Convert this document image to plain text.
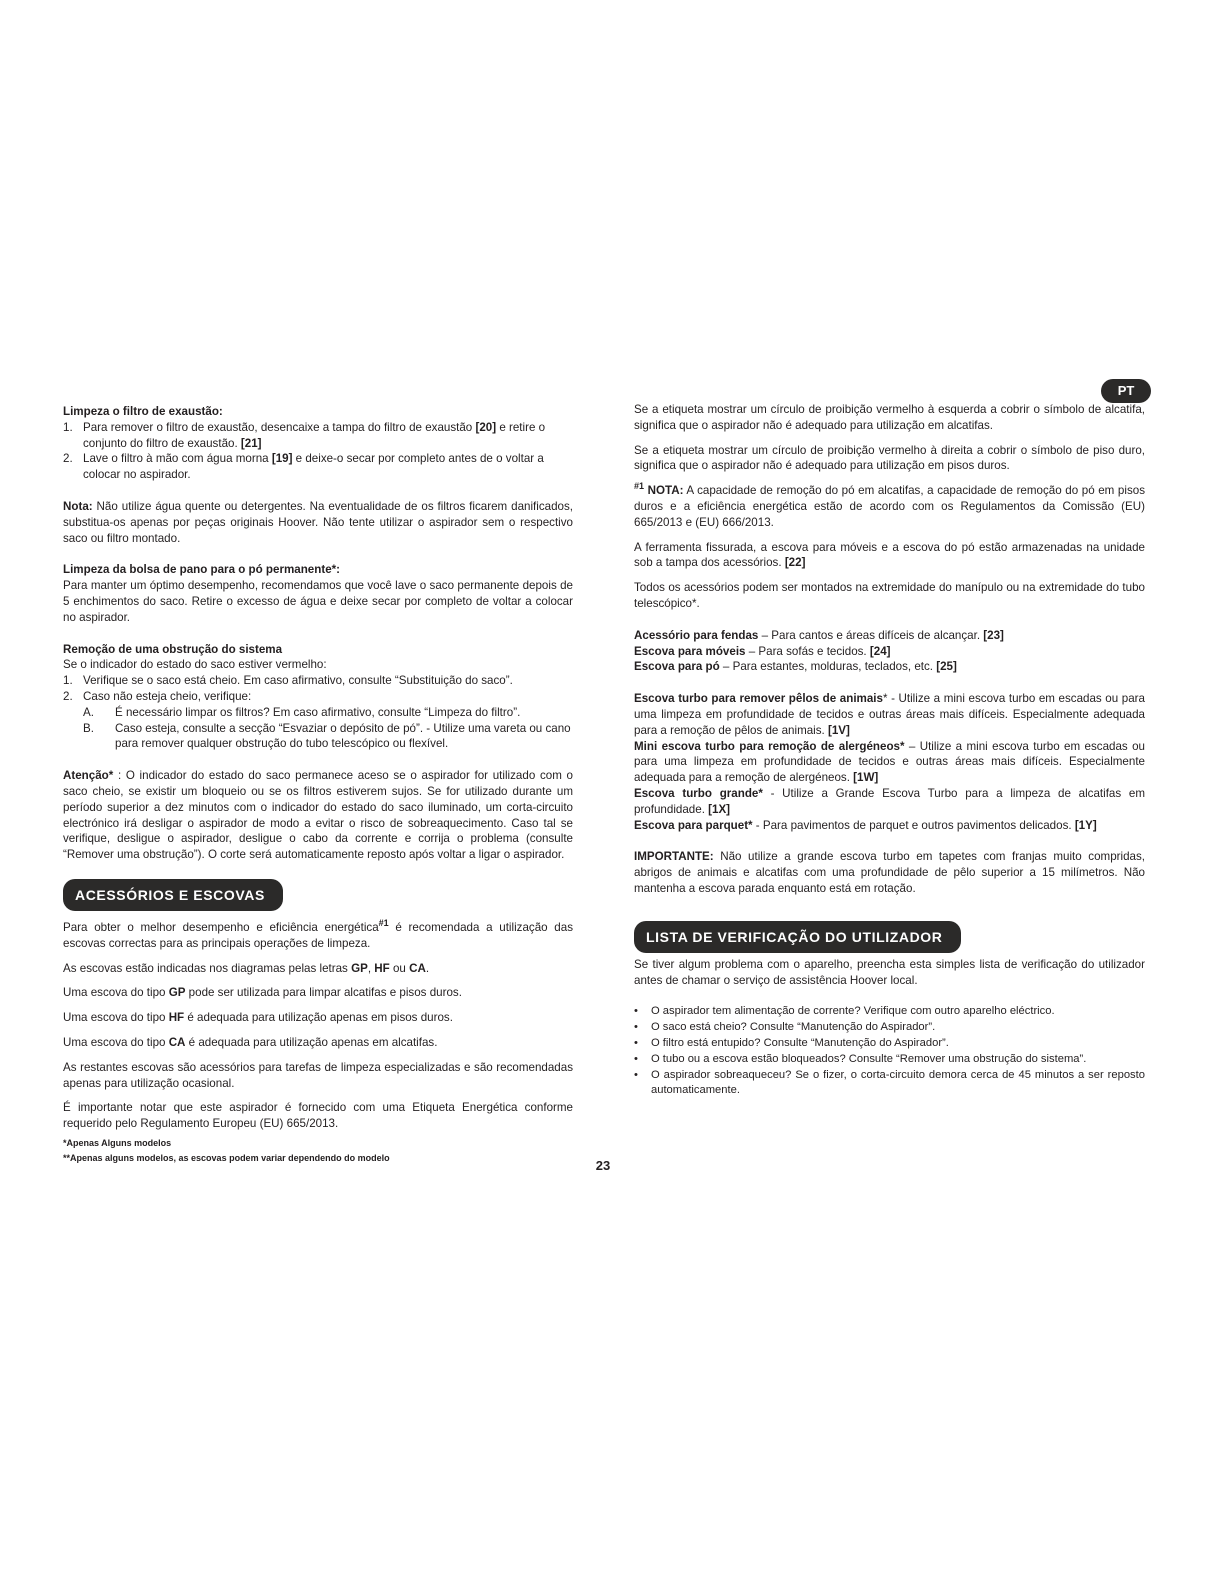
PT

Limpeza o filtro de exaustão:

1. Para remover o filtro de exaustão, desencaixe a tampa do filtro de exaustão [20] e retire o conjunto do filtro de exaustão. [21]
2. Lave o filtro à mão com água morna [19] e deixe-o secar por completo antes de o voltar a colocar no aspirador.

Nota: Não utilize água quente ou detergentes. Na eventualidade de os filtros ficarem danificados, substitua-os apenas por peças originais Hoover. Não tente utilizar o aspirador sem o respectivo saco ou filtro montado.

Limpeza da bolsa de pano para o pó permanente*:

Para manter um óptimo desempenho, recomendamos que você lave o saco permanente depois de 5 enchimentos do saco. Retire o excesso de água e deixe secar por completo de voltar a colocar no aspirador.

Remoção de uma obstrução do sistema

Se o indicador do estado do saco estiver vermelho:

1. Verifique se o saco está cheio. Em caso afirmativo, consulte “Substituição do saco”.
2. Caso não esteja cheio, verifique:
A. É necessário limpar os filtros? Em caso afirmativo, consulte “Limpeza do filtro”.
B. Caso esteja, consulte a secção “Esvaziar o depósito de pó”. - Utilize uma vareta ou cano para remover qualquer obstrução do tubo telescópico ou flexível.

Atenção* : O indicador do estado do saco permanece aceso se o aspirador for utilizado com o saco cheio, se existir um bloqueio ou se os filtros estiverem sujos. Se for utilizado durante um período superior a dez minutos com o indicador do estado do saco iluminado, um corta-circuito electrónico irá desligar o aspirador de modo a evitar o risco de sobreaquecimento. Caso tal se verifique, desligue o aspirador, desligue o cabo da corrente e corrija o problema (consulte “Remover uma obstrução”). O corte será automaticamente reposto após voltar a ligar o aspirador.

ACESSÓRIOS E ESCOVAS

Para obter o melhor desempenho e eficiência energética$^{\#1}$ é recomendada a utilização das escovas correctas para as principais operações de limpeza.

As escovas estão indicadas nos diagramas pelas letras GP, HF ou CA.

Uma escova do tipo GP pode ser utilizada para limpar alcatifas e pisos duros.

Uma escova do tipo HF é adequada para utilização apenas em pisos duros.

Uma escova do tipo CA é adequada para utilização apenas em alcatifas.

As restantes escovas são acessórios para tarefas de limpeza especializadas e são recomendadas apenas para utilização ocasional.

É importante notar que este aspirador é fornecido com uma Etiqueta Energética conforme requerido pelo Regulamento Europeu (EU) 665/2013.

*Apenas Alguns modelos

**Apenas alguns modelos, as escovas podem variar dependendo do modelo

23

Se a etiqueta mostrar um círculo de proibição vermelho à esquerda a cobrir o símbolo de alcatifa, significa que o aspirador não é adequado para utilização em alcatifas.

Se a etiqueta mostrar um círculo de proibição vermelho à direita a cobrir o símbolo de piso duro, significa que o aspirador não é adequado para utilização em pisos duros.

$^{\#1}$ NOTA: A capacidade de remoção do pó em alcatifas, a capacidade de remoção do pó em pisos duros e a eficiência energética estão de acordo com os Regulamentos da Comissão (EU) 665/2013 e (EU) 666/2013.

A ferramenta fissurada, a escova para móveis e a escova do pó estão armazenadas na unidade sob a tampa dos acessórios. [22]

Todos os acessórios podem ser montados na extremidade do manípulo ou na extremidade do tubo telescópico*.

Acessório para fendas – Para cantos e áreas difíceis de alcançar. [23]

Escova para móveis – Para sofás e tecidos. [24]

Escova para pó – Para estantes, molduras, teclados, etc. [25]

Escova turbo para remover pêlos de animais* - Utilize a mini escova turbo em escadas ou para uma limpeza em profundidade de tecidos e outras áreas mais difíceis. Especialmente adequada para a remoção de pêlos de animais. [1V]

Mini escova turbo para remoção de alergéneos* – Utilize a mini escova turbo em escadas ou para uma limpeza em profundidade de tecidos e outras áreas mais difíceis. Especialmente adequada para a remoção de alergéneos. [1W]

Escova turbo grande* - Utilize a Grande Escova Turbo para a limpeza de alcatifas em profundidade. [1X]

Escova para parquet* - Para pavimentos de parquet e outros pavimentos delicados. [1Y]

IMPORTANTE: Não utilize a grande escova turbo em tapetes com franjas muito compridas, abrigos de animais e alcatifas com uma profundidade de pêlo superior a 15 milímetros. Não mantenha a escova parada enquanto está em rotação.

LISTA DE VERIFICAÇÃO DO UTILIZADOR

Se tiver algum problema com o aparelho, preencha esta simples lista de verificação do utilizador antes de chamar o serviço de assistência Hoover local.

• O aspirador tem alimentação de corrente? Verifique com outro aparelho eléctrico.
• O saco está cheio? Consulte “Manutenção do Aspirador”.
• O filtro está entupido? Consulte “Manutenção do Aspirador”.
• O tubo ou a escova estão bloqueados? Consulte “Remover uma obstrução do sistema”.
• O aspirador sobreaqueceu? Se o fizer, o corta-circuito demora cerca de 45 minutos a ser reposto automaticamente.
